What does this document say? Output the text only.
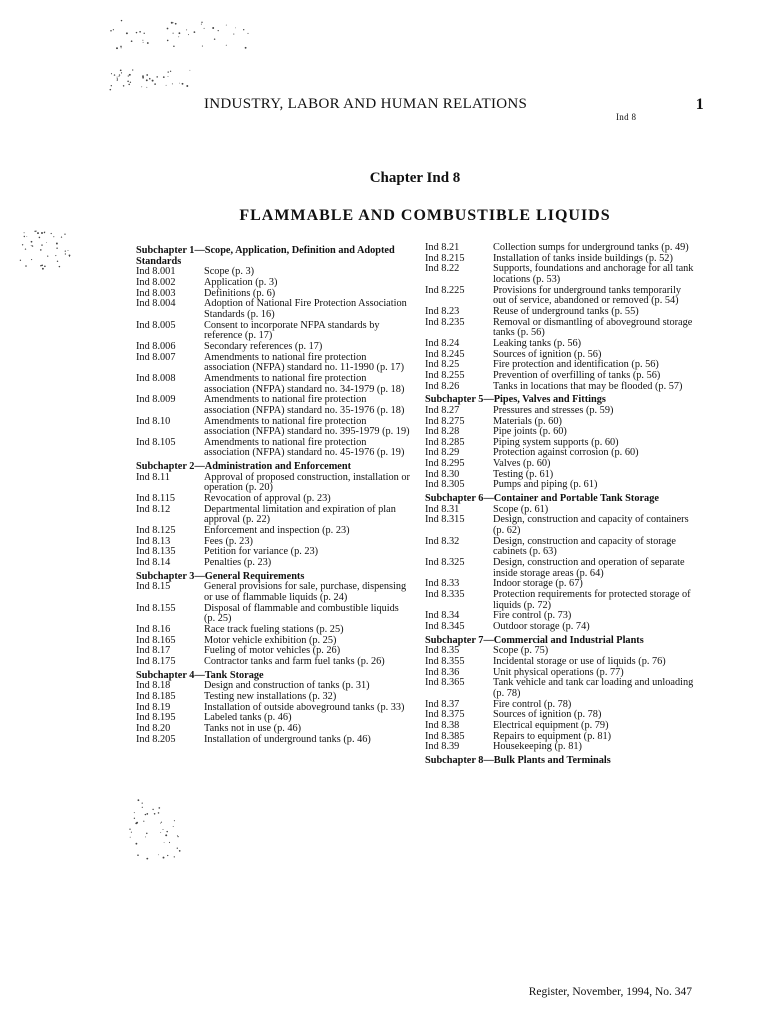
INDUSTRY, LABOR AND HUMAN RELATIONS	1
Ind 8
Chapter Ind 8
FLAMMABLE AND COMBUSTIBLE LIQUIDS
Subchapter 1—Scope, Application, Definition and Adopted Standards
Ind 8.001	Scope (p. 3)
Ind 8.002	Application (p. 3)
Ind 8.003	Definitions (p. 6)
Ind 8.004	Adoption of National Fire Protection Association Standards (p. 16)
Ind 8.005	Consent to incorporate NFPA standards by reference (p. 17)
Ind 8.006	Secondary references (p. 17)
Ind 8.007	Amendments to national fire protection association (NFPA) standard no. 11-1990 (p. 17)
Ind 8.008	Amendments to national fire protection association (NFPA) standard no. 34-1979 (p. 18)
Ind 8.009	Amendments to national fire protection association (NFPA) standard no. 35-1976 (p. 18)
Ind 8.10	Amendments to national fire protection association (NFPA) standard no. 395-1979 (p. 19)
Ind 8.105	Amendments to national fire protection association (NFPA) standard no. 45-1976 (p. 19)
Subchapter 2—Administration and Enforcement
Ind 8.11	Approval of proposed construction, installation or operation (p. 20)
Ind 8.115	Revocation of approval (p. 23)
Ind 8.12	Departmental limitation and expiration of plan approval (p. 22)
Ind 8.125	Enforcement and inspection (p. 23)
Ind 8.13	Fees (p. 23)
Ind 8.135	Petition for variance (p. 23)
Ind 8.14	Penalties (p. 23)
Subchapter 3—General Requirements
Ind 8.15	General provisions for sale, purchase, dispensing or use of flammable liquids (p. 24)
Ind 8.155	Disposal of flammable and combustible liquids (p. 25)
Ind 8.16	Race track fueling stations (p. 25)
Ind 8.165	Motor vehicle exhibition (p. 25)
Ind 8.17	Fueling of motor vehicles (p. 26)
Ind 8.175	Contractor tanks and farm fuel tanks (p. 26)
Subchapter 4—Tank Storage
Ind 8.18	Design and construction of tanks (p. 31)
Ind 8.185	Testing new installations (p. 32)
Ind 8.19	Installation of outside aboveground tanks (p. 33)
Ind 8.195	Labeled tanks (p. 46)
Ind 8.20	Tanks not in use (p. 46)
Ind 8.205	Installation of underground tanks (p. 46)
Ind 8.21	Collection sumps for underground tanks (p. 49)
Ind 8.215	Installation of tanks inside buildings (p. 52)
Ind 8.22	Supports, foundations and anchorage for all tank locations (p. 53)
Ind 8.225	Provisions for underground tanks temporarily out of service, abandoned or removed (p. 54)
Ind 8.23	Reuse of underground tanks (p. 55)
Ind 8.235	Removal or dismantling of aboveground storage tanks (p. 56)
Ind 8.24	Leaking tanks (p. 56)
Ind 8.245	Sources of ignition (p. 56)
Ind 8.25	Fire protection and identification (p. 56)
Ind 8.255	Prevention of overfilling of tanks (p. 56)
Ind 8.26	Tanks in locations that may be flooded (p. 57)
Subchapter 5—Pipes, Valves and Fittings
Ind 8.27	Pressures and stresses (p. 59)
Ind 8.275	Materials (p. 60)
Ind 8.28	Pipe joints (p. 60)
Ind 8.285	Piping system supports (p. 60)
Ind 8.29	Protection against corrosion (p. 60)
Ind 8.295	Valves (p. 60)
Ind 8.30	Testing (p. 61)
Ind 8.305	Pumps and piping (p. 61)
Subchapter 6—Container and Portable Tank Storage
Ind 8.31	Scope (p. 61)
Ind 8.315	Design, construction and capacity of containers (p. 62)
Ind 8.32	Design, construction and capacity of storage cabinets (p. 63)
Ind 8.325	Design, construction and operation of separate inside storage areas (p. 64)
Ind 8.33	Indoor storage (p. 67)
Ind 8.335	Protection requirements for protected storage of liquids (p. 72)
Ind 8.34	Fire control (p. 73)
Ind 8.345	Outdoor storage (p. 74)
Subchapter 7—Commercial and Industrial Plants
Ind 8.35	Scope (p. 75)
Ind 8.355	Incidental storage or use of liquids (p. 76)
Ind 8.36	Unit physical operations (p. 77)
Ind 8.365	Tank vehicle and tank car loading and unloading (p. 78)
Ind 8.37	Fire control (p. 78)
Ind 8.375	Sources of ignition (p. 78)
Ind 8.38	Electrical equipment (p. 79)
Ind 8.385	Repairs to equipment (p. 81)
Ind 8.39	Housekeeping (p. 81)
Subchapter 8—Bulk Plants and Terminals
Register, November, 1994, No. 347
